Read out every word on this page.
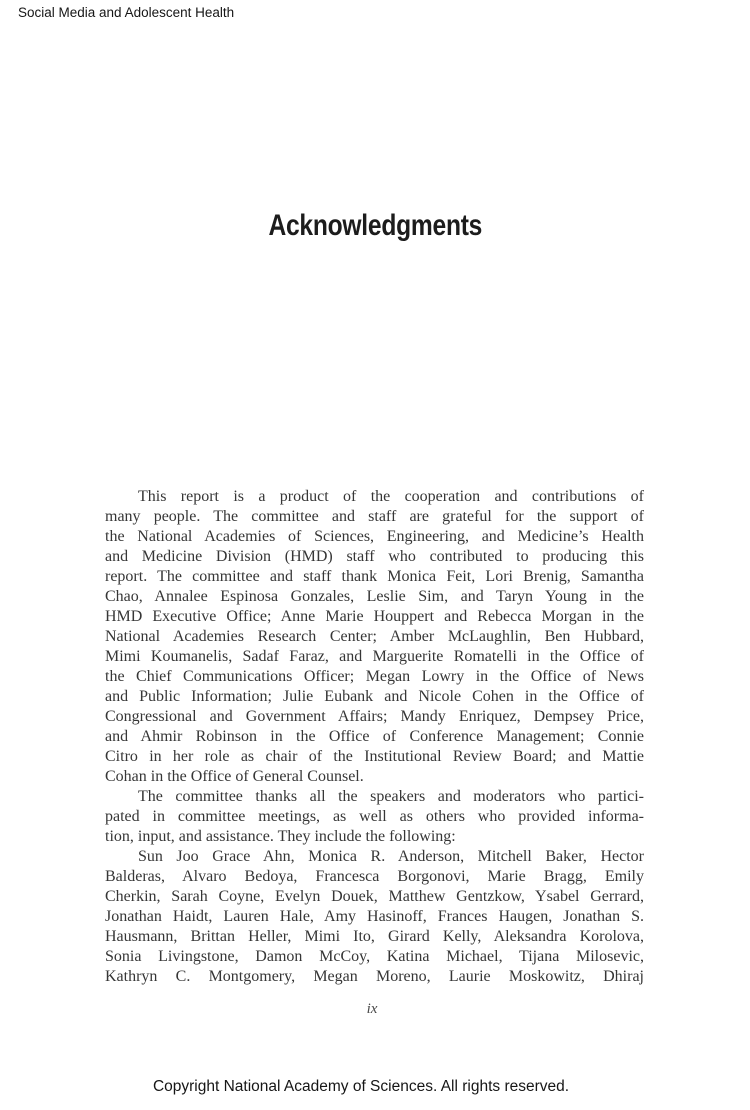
Social Media and Adolescent Health
Acknowledgments
This report is a product of the cooperation and contributions of
many people. The committee and staff are grateful for the support of
the National Academies of Sciences, Engineering, and Medicine’s Health
and Medicine Division (HMD) staff who contributed to producing this
report. The committee and staff thank Monica Feit, Lori Brenig, Samantha
Chao, Annalee Espinosa Gonzales, Leslie Sim, and Taryn Young in the
HMD Executive Office; Anne Marie Houppert and Rebecca Morgan in the
National Academies Research Center; Amber McLaughlin, Ben Hubbard,
Mimi Koumanelis, Sadaf Faraz, and Marguerite Romatelli in the Office of
the Chief Communications Officer; Megan Lowry in the Office of News
and Public Information; Julie Eubank and Nicole Cohen in the Office of
Congressional and Government Affairs; Mandy Enriquez, Dempsey Price,
and Ahmir Robinson in the Office of Conference Management; Connie
Citro in her role as chair of the Institutional Review Board; and Mattie
Cohan in the Office of General Counsel.
The committee thanks all the speakers and moderators who partici-
pated in committee meetings, as well as others who provided informa-
tion, input, and assistance. They include the following:
Sun Joo Grace Ahn, Monica R. Anderson, Mitchell Baker, Hector
Balderas, Alvaro Bedoya, Francesca Borgonovi, Marie Bragg, Emily
Cherkin, Sarah Coyne, Evelyn Douek, Matthew Gentzkow, Ysabel Gerrard,
Jonathan Haidt, Lauren Hale, Amy Hasinoff, Frances Haugen, Jonathan S.
Hausmann, Brittan Heller, Mimi Ito, Girard Kelly, Aleksandra Korolova,
Sonia Livingstone, Damon McCoy, Katina Michael, Tijana Milosevic,
Kathryn C. Montgomery, Megan Moreno, Laurie Moskowitz, Dhiraj
ix
Copyright National Academy of Sciences. All rights reserved.
